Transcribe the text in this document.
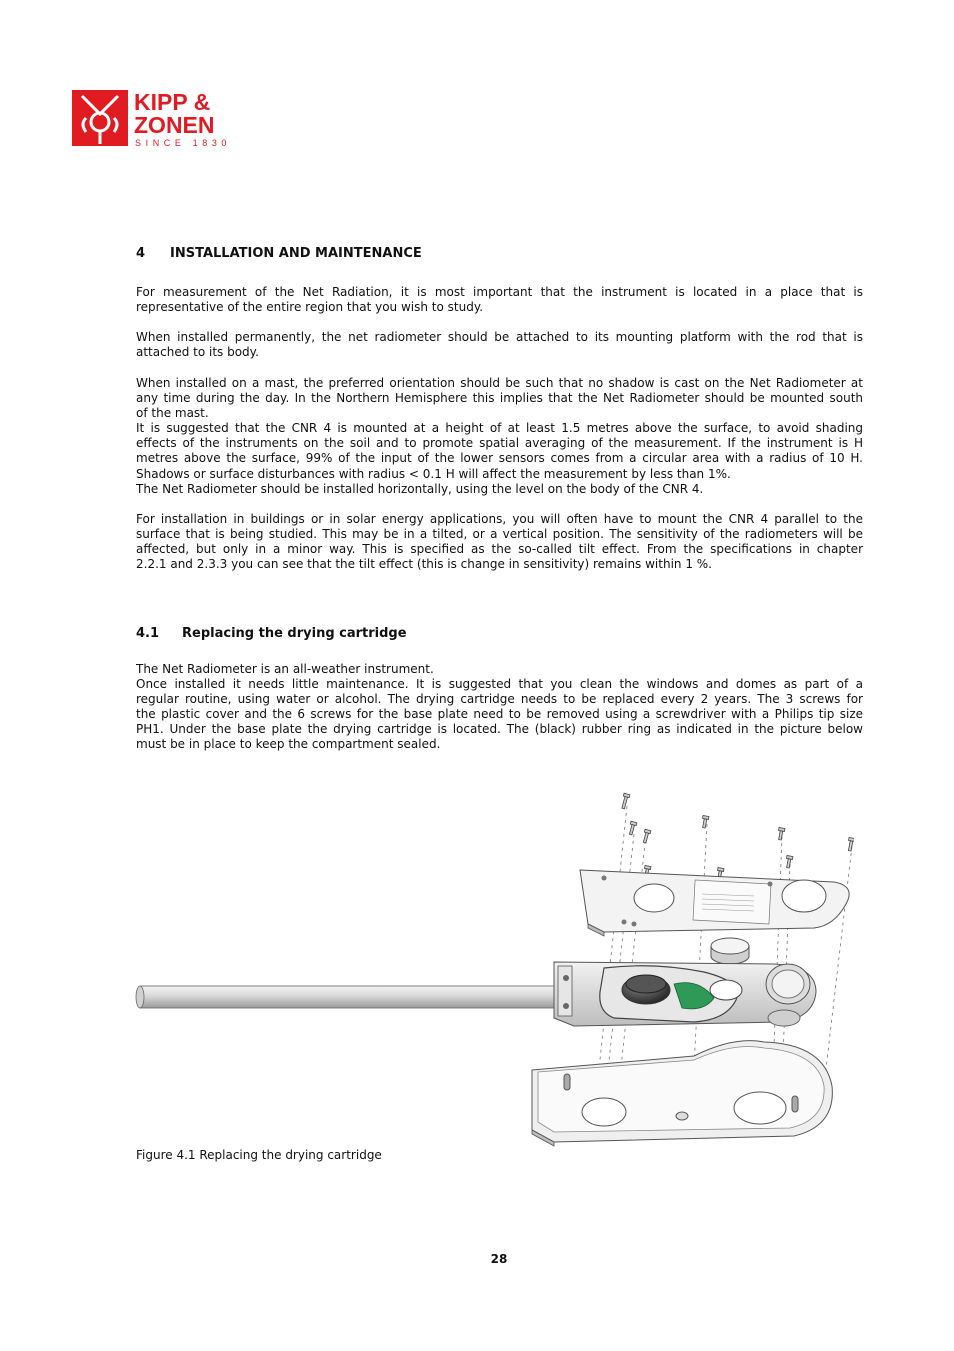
KIPP &
ZONEN
SINCE 1830
4 INSTALLATION AND MAINTENANCE

For measurement of the Net Radiation, it is most important that the instrument is located in a place that is
representative of the entire region that you wish to study.

When installed permanently, the net radiometer should be attached to its mounting platform with the rod that is
attached to its body.

When installed on a mast, the preferred orientation should be such that no shadow is cast on the Net Radiometer at
any time during the day. In the Northern Hemisphere this implies that the Net Radiometer should be mounted south
of the mast.
It is suggested that the CNR 4 is mounted at a height of at least 1.5 metres above the surface, to avoid shading
effects of the instruments on the soil and to promote spatial averaging of the measurement. If the instrument is H
metres above the surface, 99% of the input of the lower sensors comes from a circular area with a radius of 10 H.
Shadows or surface disturbances with radius < 0.1 H will affect the measurement by less than 1%.
The Net Radiometer should be installed horizontally, using the level on the body of the CNR 4.

For installation in buildings or in solar energy applications, you will often have to mount the CNR 4 parallel to the
surface that is being studied. This may be in a tilted, or a vertical position. The sensitivity of the radiometers will be
affected, but only in a minor way. This is specified as the so-called tilt effect. From the specifications in chapter
2.2.1 and 2.3.3 you can see that the tilt effect (this is change in sensitivity) remains within 1 %.

4.1 Replacing the drying cartridge

The Net Radiometer is an all-weather instrument.
Once installed it needs little maintenance. It is suggested that you clean the windows and domes as part of a
regular routine, using water or alcohol. The drying cartridge needs to be replaced every 2 years. The 3 screws for
the plastic cover and the 6 screws for the base plate need to be removed using a screwdriver with a Philips tip size
PH1. Under the base plate the drying cartridge is located. The (black) rubber ring as indicated in the picture below
must be in place to keep the compartment sealed.

Figure 4.1 Replacing the drying cartridge
28
